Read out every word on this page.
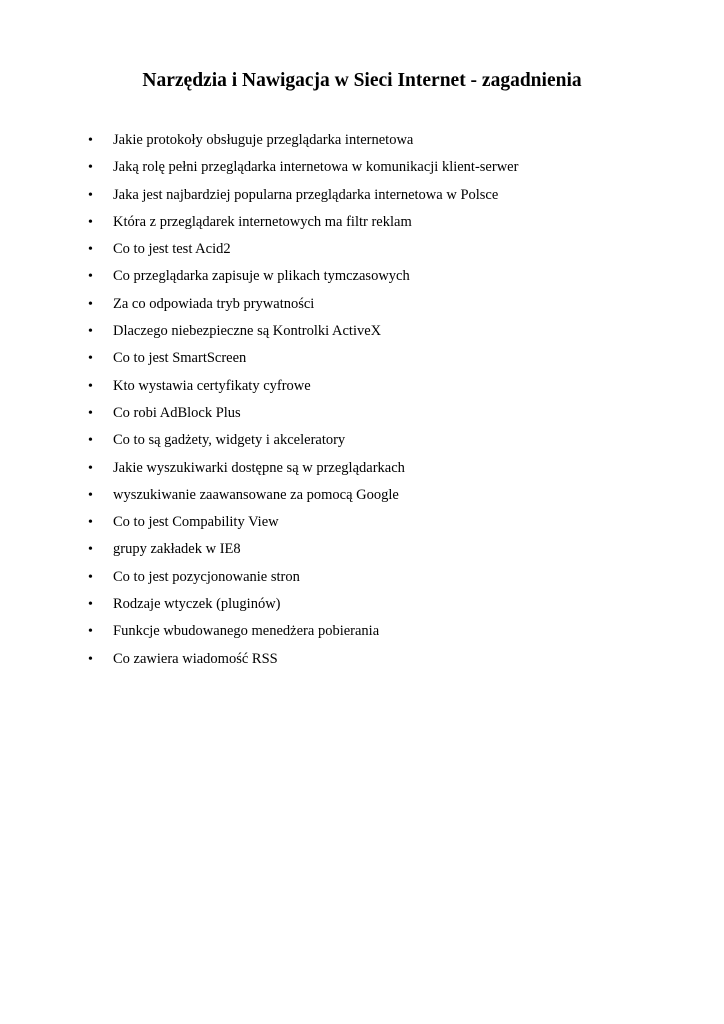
Narzędzia i Nawigacja w Sieci Internet - zagadnienia
• Jakie protokoły obsługuje przeglądarka internetowa
• Jaką rolę pełni przeglądarka internetowa w komunikacji klient-serwer
• Jaka jest najbardziej popularna przeglądarka internetowa w Polsce
• Która z przeglądarek internetowych ma filtr reklam
• Co to jest test Acid2
• Co przeglądarka zapisuje w plikach tymczasowych
• Za co odpowiada tryb prywatności
• Dlaczego niebezpieczne są Kontrolki ActiveX
• Co to jest SmartScreen
• Kto wystawia certyfikaty cyfrowe
• Co robi AdBlock Plus
• Co to są gadżety, widgety i akceleratory
• Jakie wyszukiwarki dostępne są w przeglądarkach
• wyszukiwanie zaawansowane za pomocą Google
• Co to jest Compability View
• grupy zakładek w IE8
• Co to jest pozycjonowanie stron
• Rodzaje wtyczek (pluginów)
• Funkcje wbudowanego menedżera pobierania
• Co zawiera wiadomość RSS
